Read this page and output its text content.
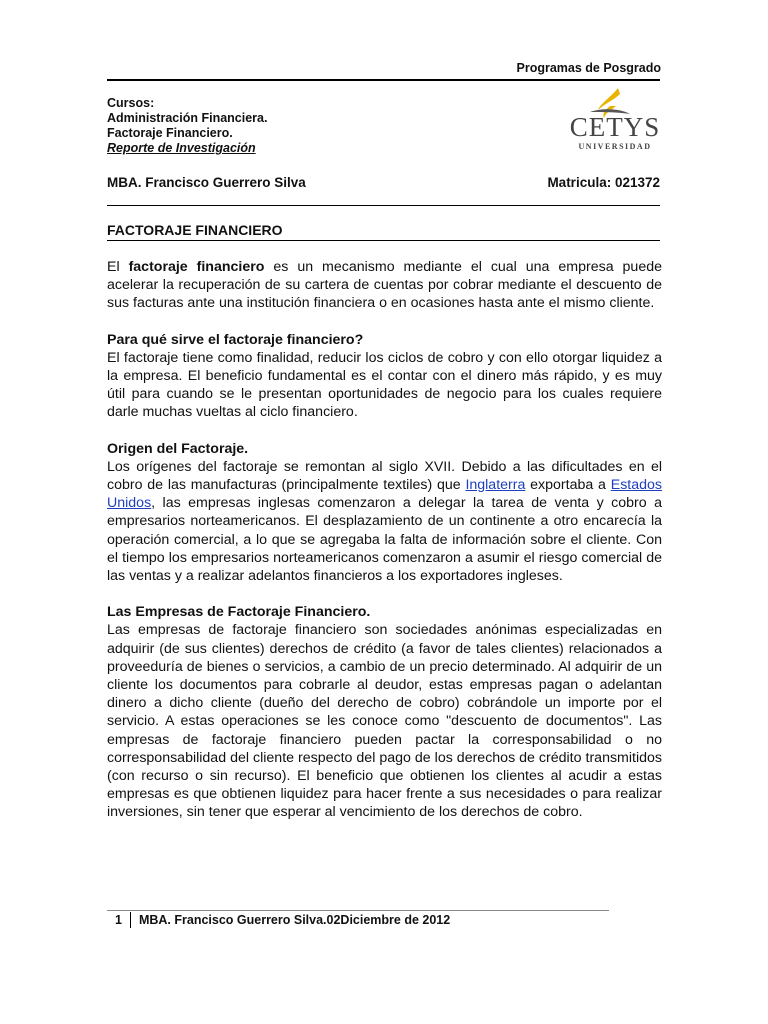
Programas de Posgrado
Cursos:
Administración Financiera.
Factoraje Financiero.
Reporte de Investigación
CETYS
UNIVERSIDAD
MBA. Francisco Guerrero Silva	Matricula: 021372
FACTORAJE FINANCIERO

El factoraje financiero es un mecanismo mediante el cual una empresa puede acelerar la recuperación de su cartera de cuentas por cobrar mediante el descuento de sus facturas ante una institución financiera o en ocasiones hasta ante el mismo cliente.

Para qué sirve el factoraje financiero?

El factoraje tiene como finalidad, reducir los ciclos de cobro y con ello otorgar liquidez a la empresa. El beneficio fundamental es el contar con el dinero más rápido, y es muy útil para cuando se le presentan oportunidades de negocio para los cuales requiere darle muchas vueltas al ciclo financiero.

Origen del Factoraje.

Los orígenes del factoraje se remontan al siglo XVII. Debido a las dificultades en el cobro de las manufacturas (principalmente textiles) que Inglaterra exportaba a Estados Unidos, las empresas inglesas comenzaron a delegar la tarea de venta y cobro a empresarios norteamericanos. El desplazamiento de un continente a otro encarecía la operación comercial, a lo que se agregaba la falta de información sobre el cliente. Con el tiempo los empresarios norteamericanos comenzaron a asumir el riesgo comercial de las ventas y a realizar adelantos financieros a los exportadores ingleses.

Las Empresas de Factoraje Financiero.

Las empresas de factoraje financiero son sociedades anónimas especializadas en adquirir (de sus clientes) derechos de crédito (a favor de tales clientes) relacionados a proveeduría de bienes o servicios, a cambio de un precio determinado. Al adquirir de un cliente los documentos para cobrarle al deudor, estas empresas pagan o adelantan dinero a dicho cliente (dueño del derecho de cobro) cobrándole un importe por el servicio. A estas operaciones se les conoce como "descuento de documentos". Las empresas de factoraje financiero pueden pactar la corresponsabilidad o no corresponsabilidad del cliente respecto del pago de los derechos de crédito transmitidos (con recurso o sin recurso). El beneficio que obtienen los clientes al acudir a estas empresas es que obtienen liquidez para hacer frente a sus necesidades o para realizar inversiones, sin tener que esperar al vencimiento de los derechos de cobro.

1 MBA. Francisco Guerrero Silva.02Diciembre de 2012
